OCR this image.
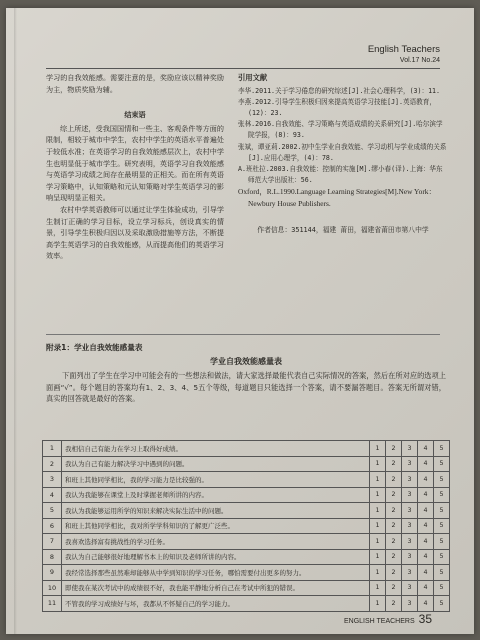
English Teachers
Vol.17 No.24

学习的自我效能感。需要注意的是，奖励应该以精神奖励为主，物质奖励为辅。

结束语

综上所述，受我国国情和一些主、客观条件等方面的限制，相较于城市中学生，农村中学生的英语水平普遍处于较低水准；在英语学习的自我效能感层次上，农村中学生也明显低于城市学生。研究表明，英语学习自我效能感与英语学习成绩之间存在最明显的正相关。而在所有英语学习策略中，认知策略和元认知策略对学生英语学习的影响呈现明显正相关。

农村中学英语教师可以通过让学生体验成功，引导学生制订正确的学习目标，设立学习标兵，创设真实的情景，引导学生积极归因以及采取激励措施等方法，不断提高学生英语学习的自我效能感，从而提高他们的英语学习效率。

引用文献
李华.2011.关于学习倦怠的研究综述[J].社会心理科学，(3)：11.
李燕.2012.引导学生积极归因来提高英语学习技能[J].英语教育，(12)：23.
张林.2016.自我效能、学习策略与英语成绩的关系研究[J].哈尔滨学院学报，(8)：93.
张斌，谭亚莉.2002.初中生学业自我效能、学习动机与学业成绩的关系[J].应用心理学，(4)：78.
A.班杜拉.2003.自我效能：控制的实施[M].缪小春(译).上海：华东师范大学出版社：56.
Oxford，R.L.1990.Language Learning Strategies[M].New York：Newbury House Publishers.
作者信息：351144，福建 莆田，福建省莆田市第八中学
附录1：学业自我效能感量表
学业自我效能感量表
下面列出了学生在学习中可能会有的一些想法和做法，请大家选择最能代表自己实际情况的答案，然后在所对应的选项上面画“√”。每个题目的答案均有1、2、3、4、5五个等级，每道题目只能选择一个答案，请不要漏答题目。答案无所谓对错，真实的回答就是最好的答案。
1	我相信自己有能力在学习上取得好成绩。	1	2	3	4	5
2	我认为自己有能力解决学习中遇到的问题。	1	2	3	4	5
3	和班上其他同学相比，我的学习能力是比较强的。	1	2	3	4	5
4	我认为我能够在课堂上及时掌握老师所讲的内容。	1	2	3	4	5
5	我认为我能够运用所学的知识来解决实际生活中的问题。	1	2	3	4	5
6	和班上其他同学相比，我对所学学科知识的了解更广泛些。	1	2	3	4	5
7	我喜欢选择富有挑战性的学习任务。	1	2	3	4	5
8	我认为自己能够很好地理解书本上的知识及老师所讲的内容。	1	2	3	4	5
9	我经常选择那些虽然难却能够从中学到知识的学习任务，哪怕需要付出更多的努力。	1	2	3	4	5
10	即使我在某次考试中的成绩很不好，我也能平静地分析自己在考试中所犯的错误。	1	2	3	4	5
11	不管我的学习成绩好与坏，我都从不怀疑自己的学习能力。	1	2	3	4	5
ENGLISH TEACHERS 35
